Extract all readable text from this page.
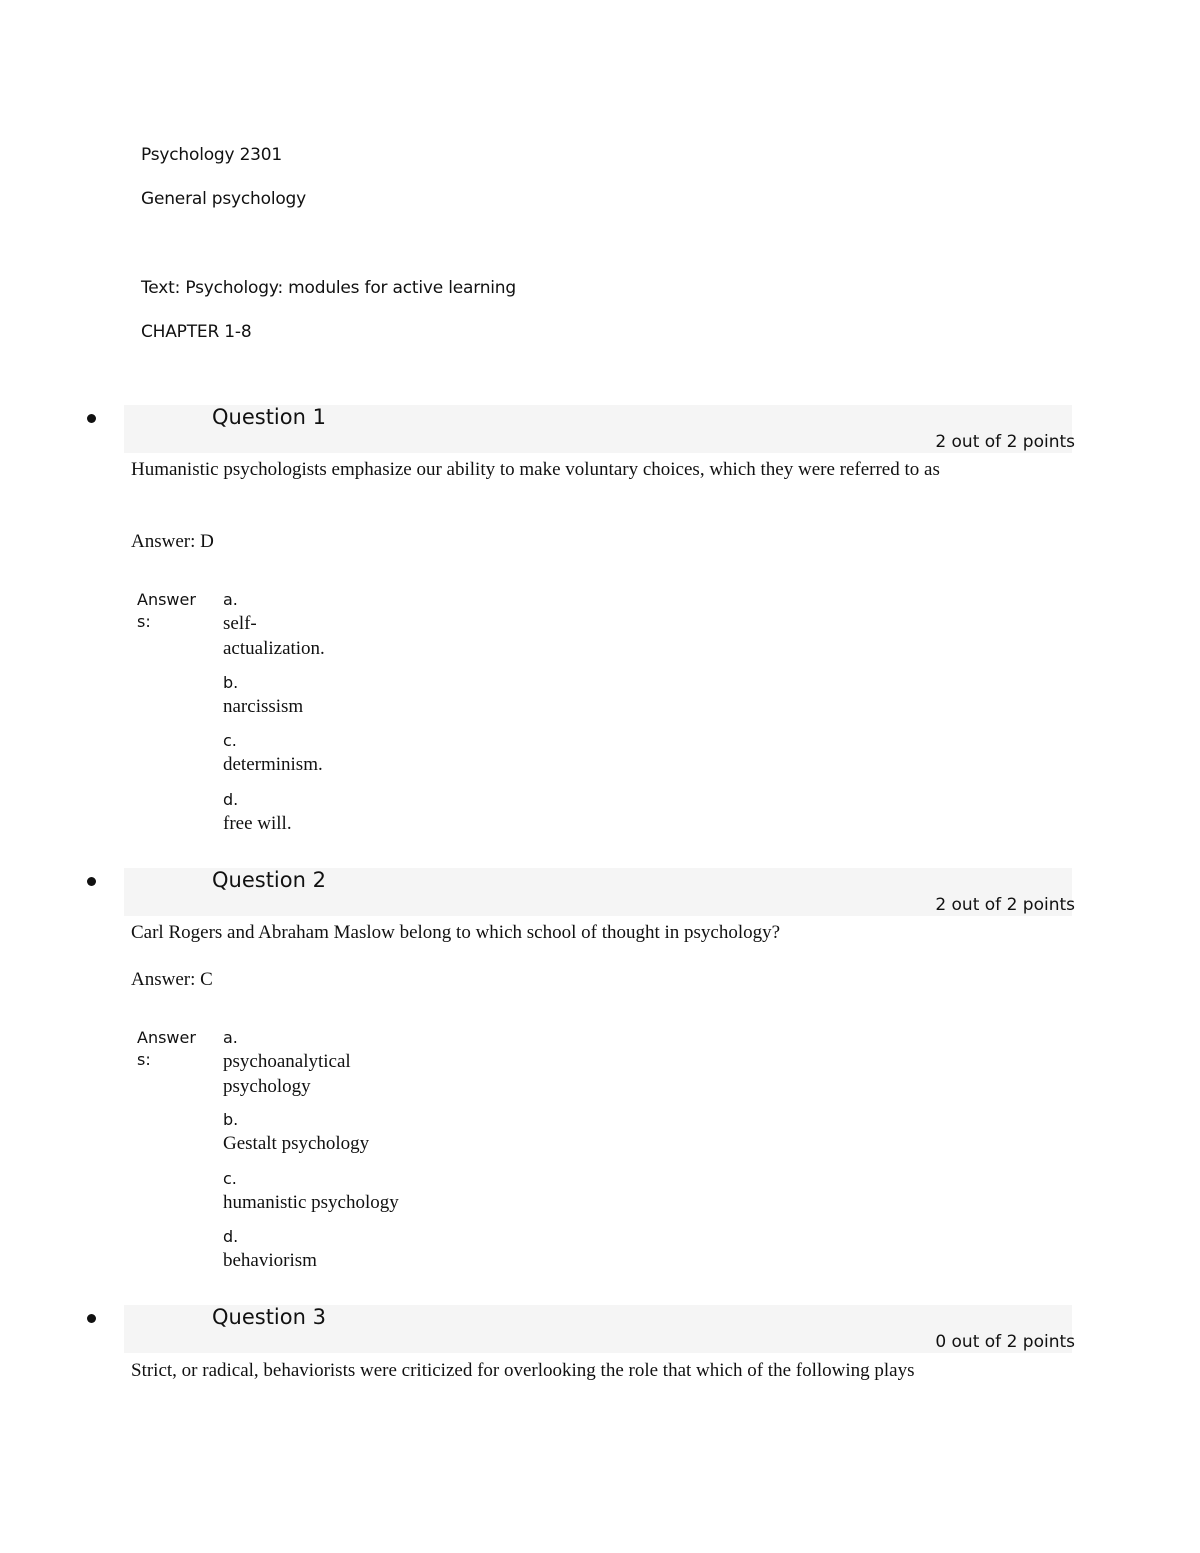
Psychology 2301
General psychology
Text: Psychology: modules for active learning
CHAPTER 1-8
Question 1
2 out of 2 points
Humanistic psychologists emphasize our ability to make voluntary choices, which they were referred to as
Answer: D
Answers:
a.
self-actualization.
b.
narcissism
c.
determinism.
d.
free will.
Question 2
2 out of 2 points
Carl Rogers and Abraham Maslow belong to which school of thought in psychology?
Answer: C
Answers:
a.
psychoanalytical psychology
b.
Gestalt psychology
c.
humanistic psychology
d.
behaviorism
Question 3
0 out of 2 points
Strict, or radical, behaviorists were criticized for overlooking the role that which of the following plays
